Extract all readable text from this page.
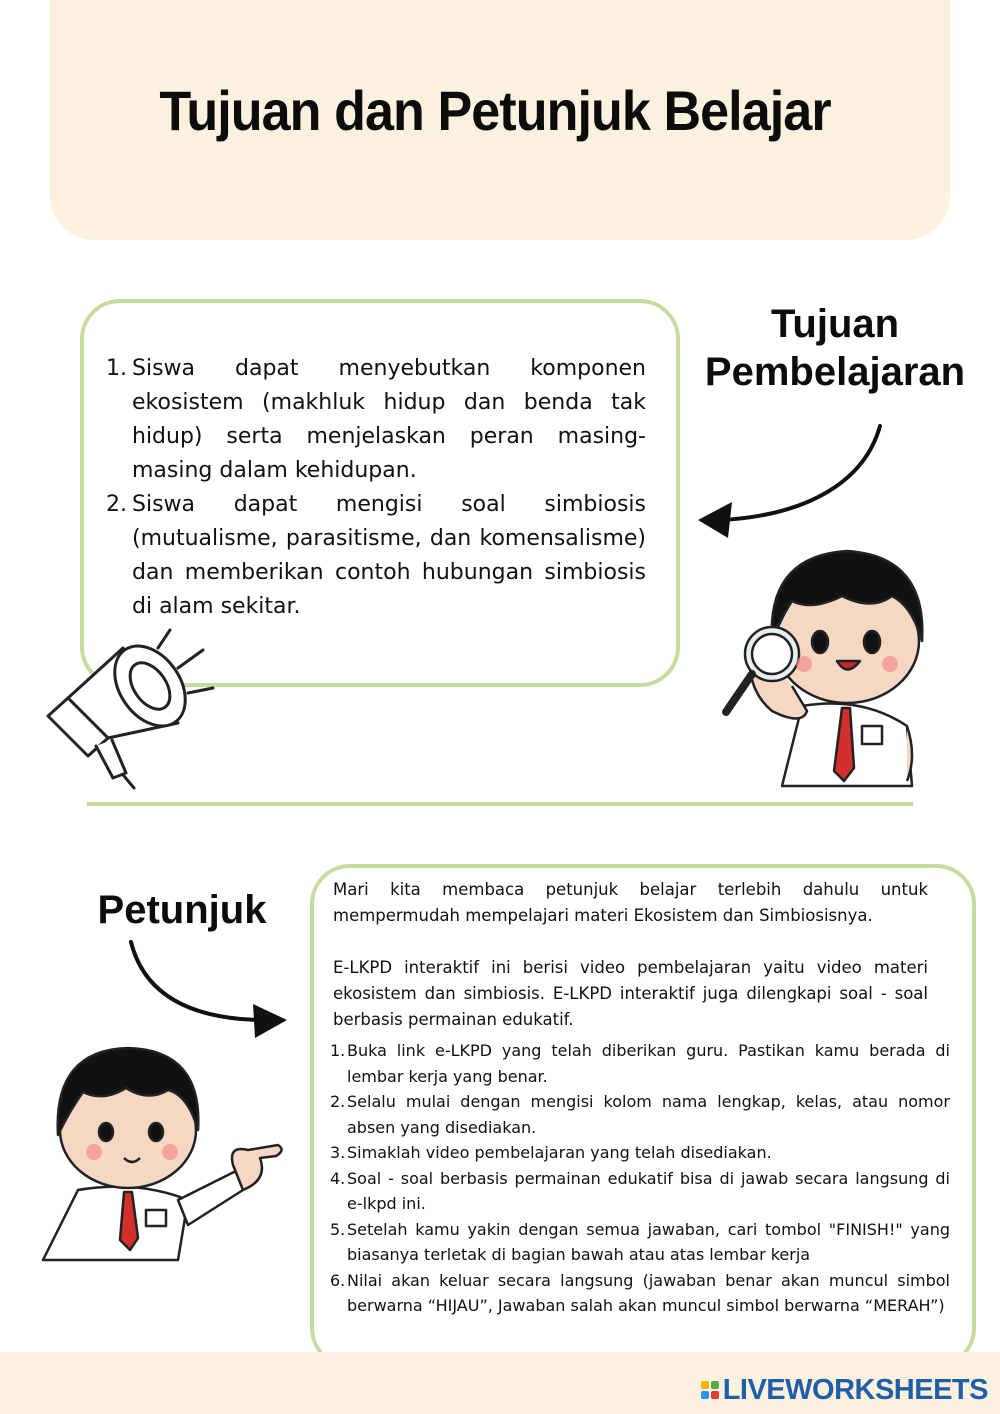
Tujuan dan Petunjuk Belajar
1. Siswa dapat menyebutkan komponen ekosistem (makhluk hidup dan benda tak hidup) serta menjelaskan peran masing-masing dalam kehidupan.
2. Siswa dapat mengisi soal simbiosis (mutualisme, parasitisme, dan komensalisme) dan memberikan contoh hubungan simbiosis di alam sekitar.
Tujuan
Pembelajaran
Petunjuk	Mari kita membaca petunjuk belajar terlebih dahulu untuk mempermudah mempelajari materi Ekosistem dan Simbiosisnya.

E-LKPD interaktif ini berisi video pembelajaran yaitu video materi ekosistem dan simbiosis. E-LKPD interaktif juga dilengkapi soal - soal berbasis permainan edukatif.

1. Buka link e-LKPD yang telah diberikan guru. Pastikan kamu berada di lembar kerja yang benar.
2. Selalu mulai dengan mengisi kolom nama lengkap, kelas, atau nomor absen yang disediakan.
3. Simaklah video pembelajaran yang telah disediakan.
4. Soal - soal berbasis permainan edukatif bisa di jawab secara langsung di e-lkpd ini.
5. Setelah kamu yakin dengan semua jawaban, cari tombol "FINISH!" yang biasanya terletak di bagian bawah atau atas lembar kerja
6. Nilai akan keluar secara langsung (jawaban benar akan muncul simbol berwarna “HIJAU”, Jawaban salah akan muncul simbol berwarna “MERAH”)
LIVEWORKSHEETS
